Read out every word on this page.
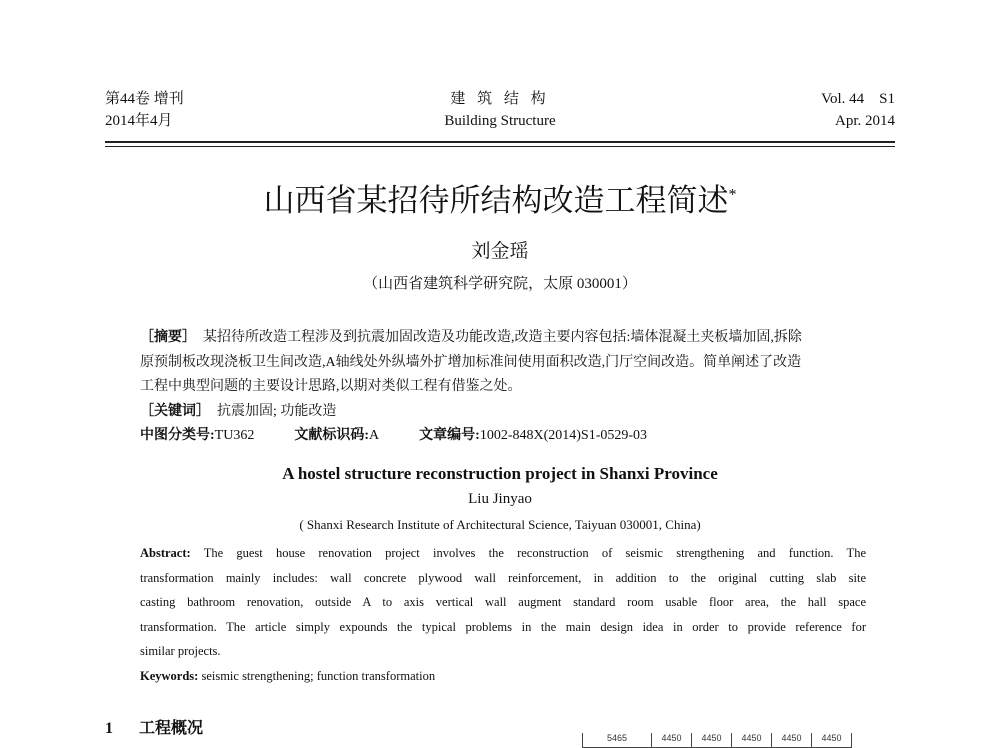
第44卷 增刊
2014年4月
建 筑 结 构
Building Structure
Vol. 44　S1
Apr. 2014
山西省某招待所结构改造工程简述*
刘金瑶
（山西省建筑科学研究院，太原 030001）
［摘要］ 某招待所改造工程涉及到抗震加固改造及功能改造,改造主要内容包括:墙体混凝土夹板墙加固,拆除
原预制板改现浇板卫生间改造,A轴线处外纵墙外扩增加标准间使用面积改造,门厅空间改造。简单阐述了改造
工程中典型问题的主要设计思路,以期对类似工程有借鉴之处。
［关键词］ 抗震加固; 功能改造
中图分类号:TU362	文献标识码:A	文章编号:1002-848X(2014)S1-0529-03
A hostel structure reconstruction project in Shanxi Province
Liu Jinyao
( Shanxi Research Institute of Architectural Science, Taiyuan 030001, China)
Abstract: The guest house renovation project involves the reconstruction of seismic strengthening and function. The
transformation mainly includes: wall concrete plywood wall reinforcement, in addition to the original cutting slab site
casting bathroom renovation, outside A to axis vertical wall augment standard room usable floor area, the hall space
transformation. The article simply expounds the typical problems in the main design idea in order to provide reference for
similar projects.
Keywords: seismic strengthening; function transformation
1 工程概况
5465	4450	4450	4450	4450	4450
